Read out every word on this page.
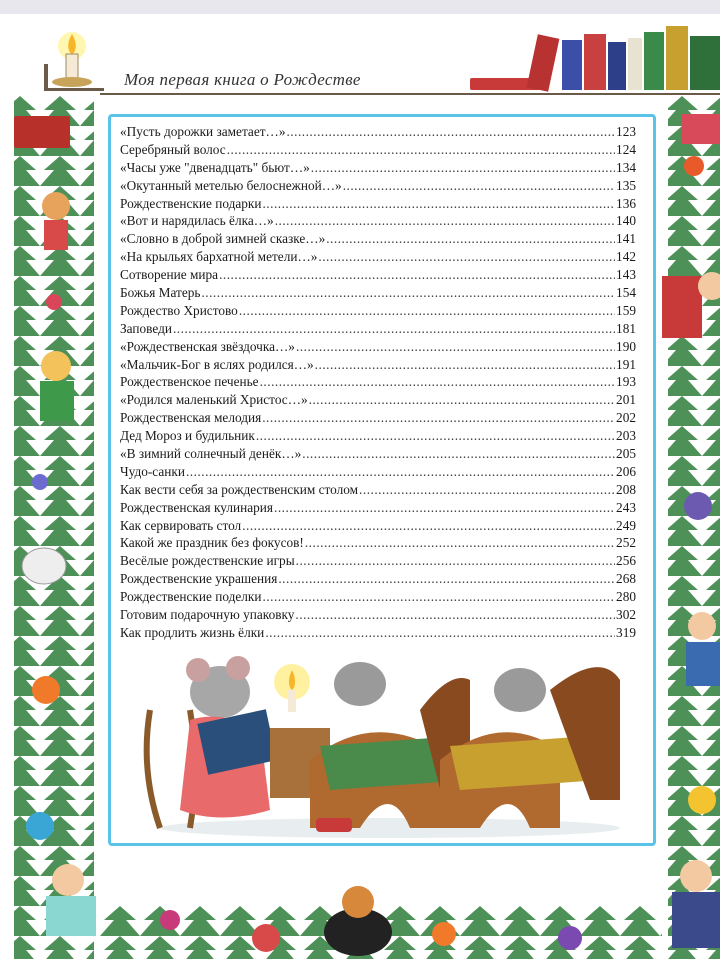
Моя первая книга о Рождестве
«Пусть дорожки заметает…» .....	123
Серебряный волос .....	124
«Часы уже "двенадцать" бьют…» .....	134
«Окутанный метелью белоснежной…» .....	135
Рождественские подарки .....	136
«Вот и нарядилась ёлка…» .....	140
«Словно в доброй зимней сказке…» .....	141
«На крыльях бархатной метели…» .....	142
Сотворение мира .....	143
Божья Матерь .....	154
Рождество Христово .....	159
Заповеди .....	181
«Рождественская звёздочка…» .....	190
«Мальчик-Бог в яслях родился…» .....	191
Рождественское печенье .....	193
«Родился маленький Христос…» .....	201
Рождественская мелодия .....	202
Дед Мороз и будильник .....	203
«В зимний солнечный денёк…» .....	205
Чудо-санки .....	206
Как вести себя за рождественским столом .....	208
Рождественская кулинария .....	243
Как сервировать стол .....	249
Какой же праздник без фокусов! .....	252
Весёлые рождественские игры .....	256
Рождественские украшения .....	268
Рождественские поделки .....	280
Готовим подарочную упаковку .....	302
Как продлить жизнь ёлки .....	319
